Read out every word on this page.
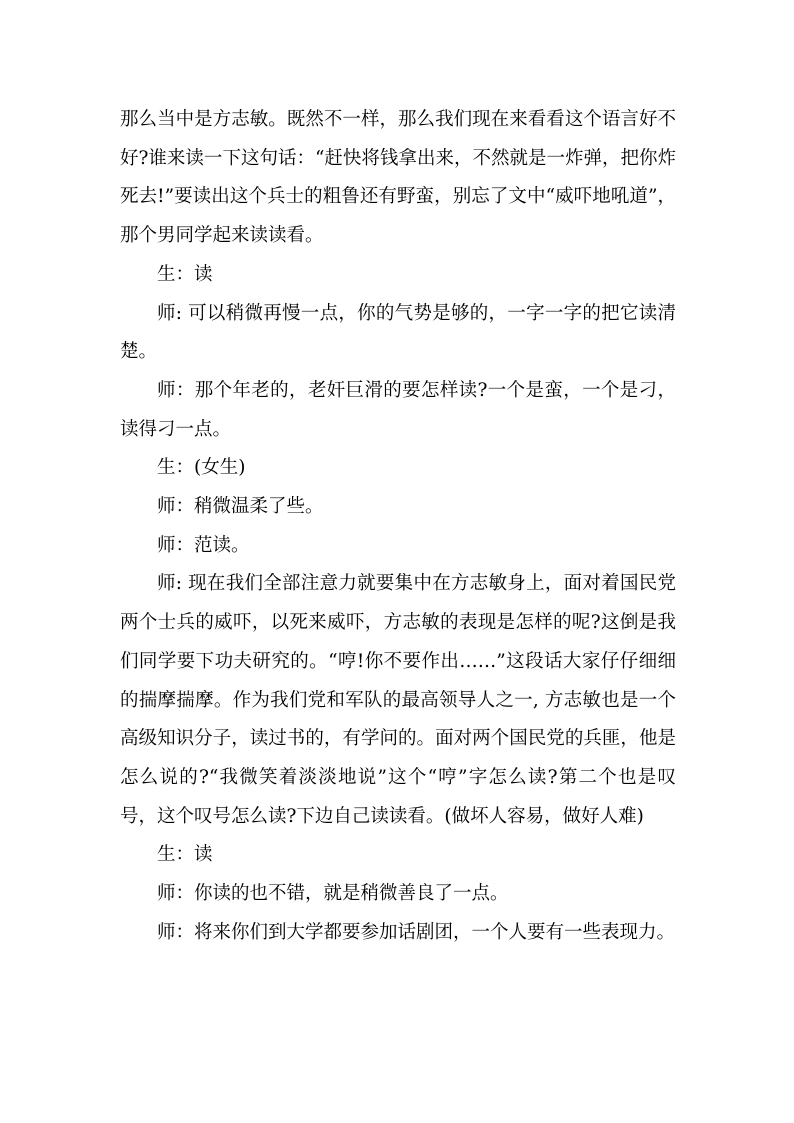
那么当中是方志敏。既然不一样，那么我们现在来看看这个语言好不好?谁来读一下这句话：“赶快将钱拿出来，不然就是一炸弹，把你炸死去!”要读出这个兵士的粗鲁还有野蛮，别忘了文中“威吓地吼道”，那个男同学起来读读看。

生：读

师: 可以稍微再慢一点，你的气势是够的，一字一字的把它读清楚。

师：那个年老的，老奸巨滑的要怎样读?一个是蛮，一个是刁，读得刁一点。

生：(女生)

师：稍微温柔了些。

师：范读。

师: 现在我们全部注意力就要集中在方志敏身上，面对着国民党两个士兵的威吓，以死来威吓，方志敏的表现是怎样的呢?这倒是我们同学要下功夫研究的。“哼!你不要作出……”这段话大家仔仔细细的揣摩揣摩。作为我们党和军队的最高领导人之一, 方志敏也是一个高级知识分子，读过书的，有学问的。面对两个国民党的兵匪，他是怎么说的?“我微笑着淡淡地说”这个“哼”字怎么读?第二个也是叹号，这个叹号怎么读?下边自己读读看。(做坏人容易，做好人难)

生：读

师：你读的也不错，就是稍微善良了一点。

师：将来你们到大学都要参加话剧团，一个人要有一些表现力。
